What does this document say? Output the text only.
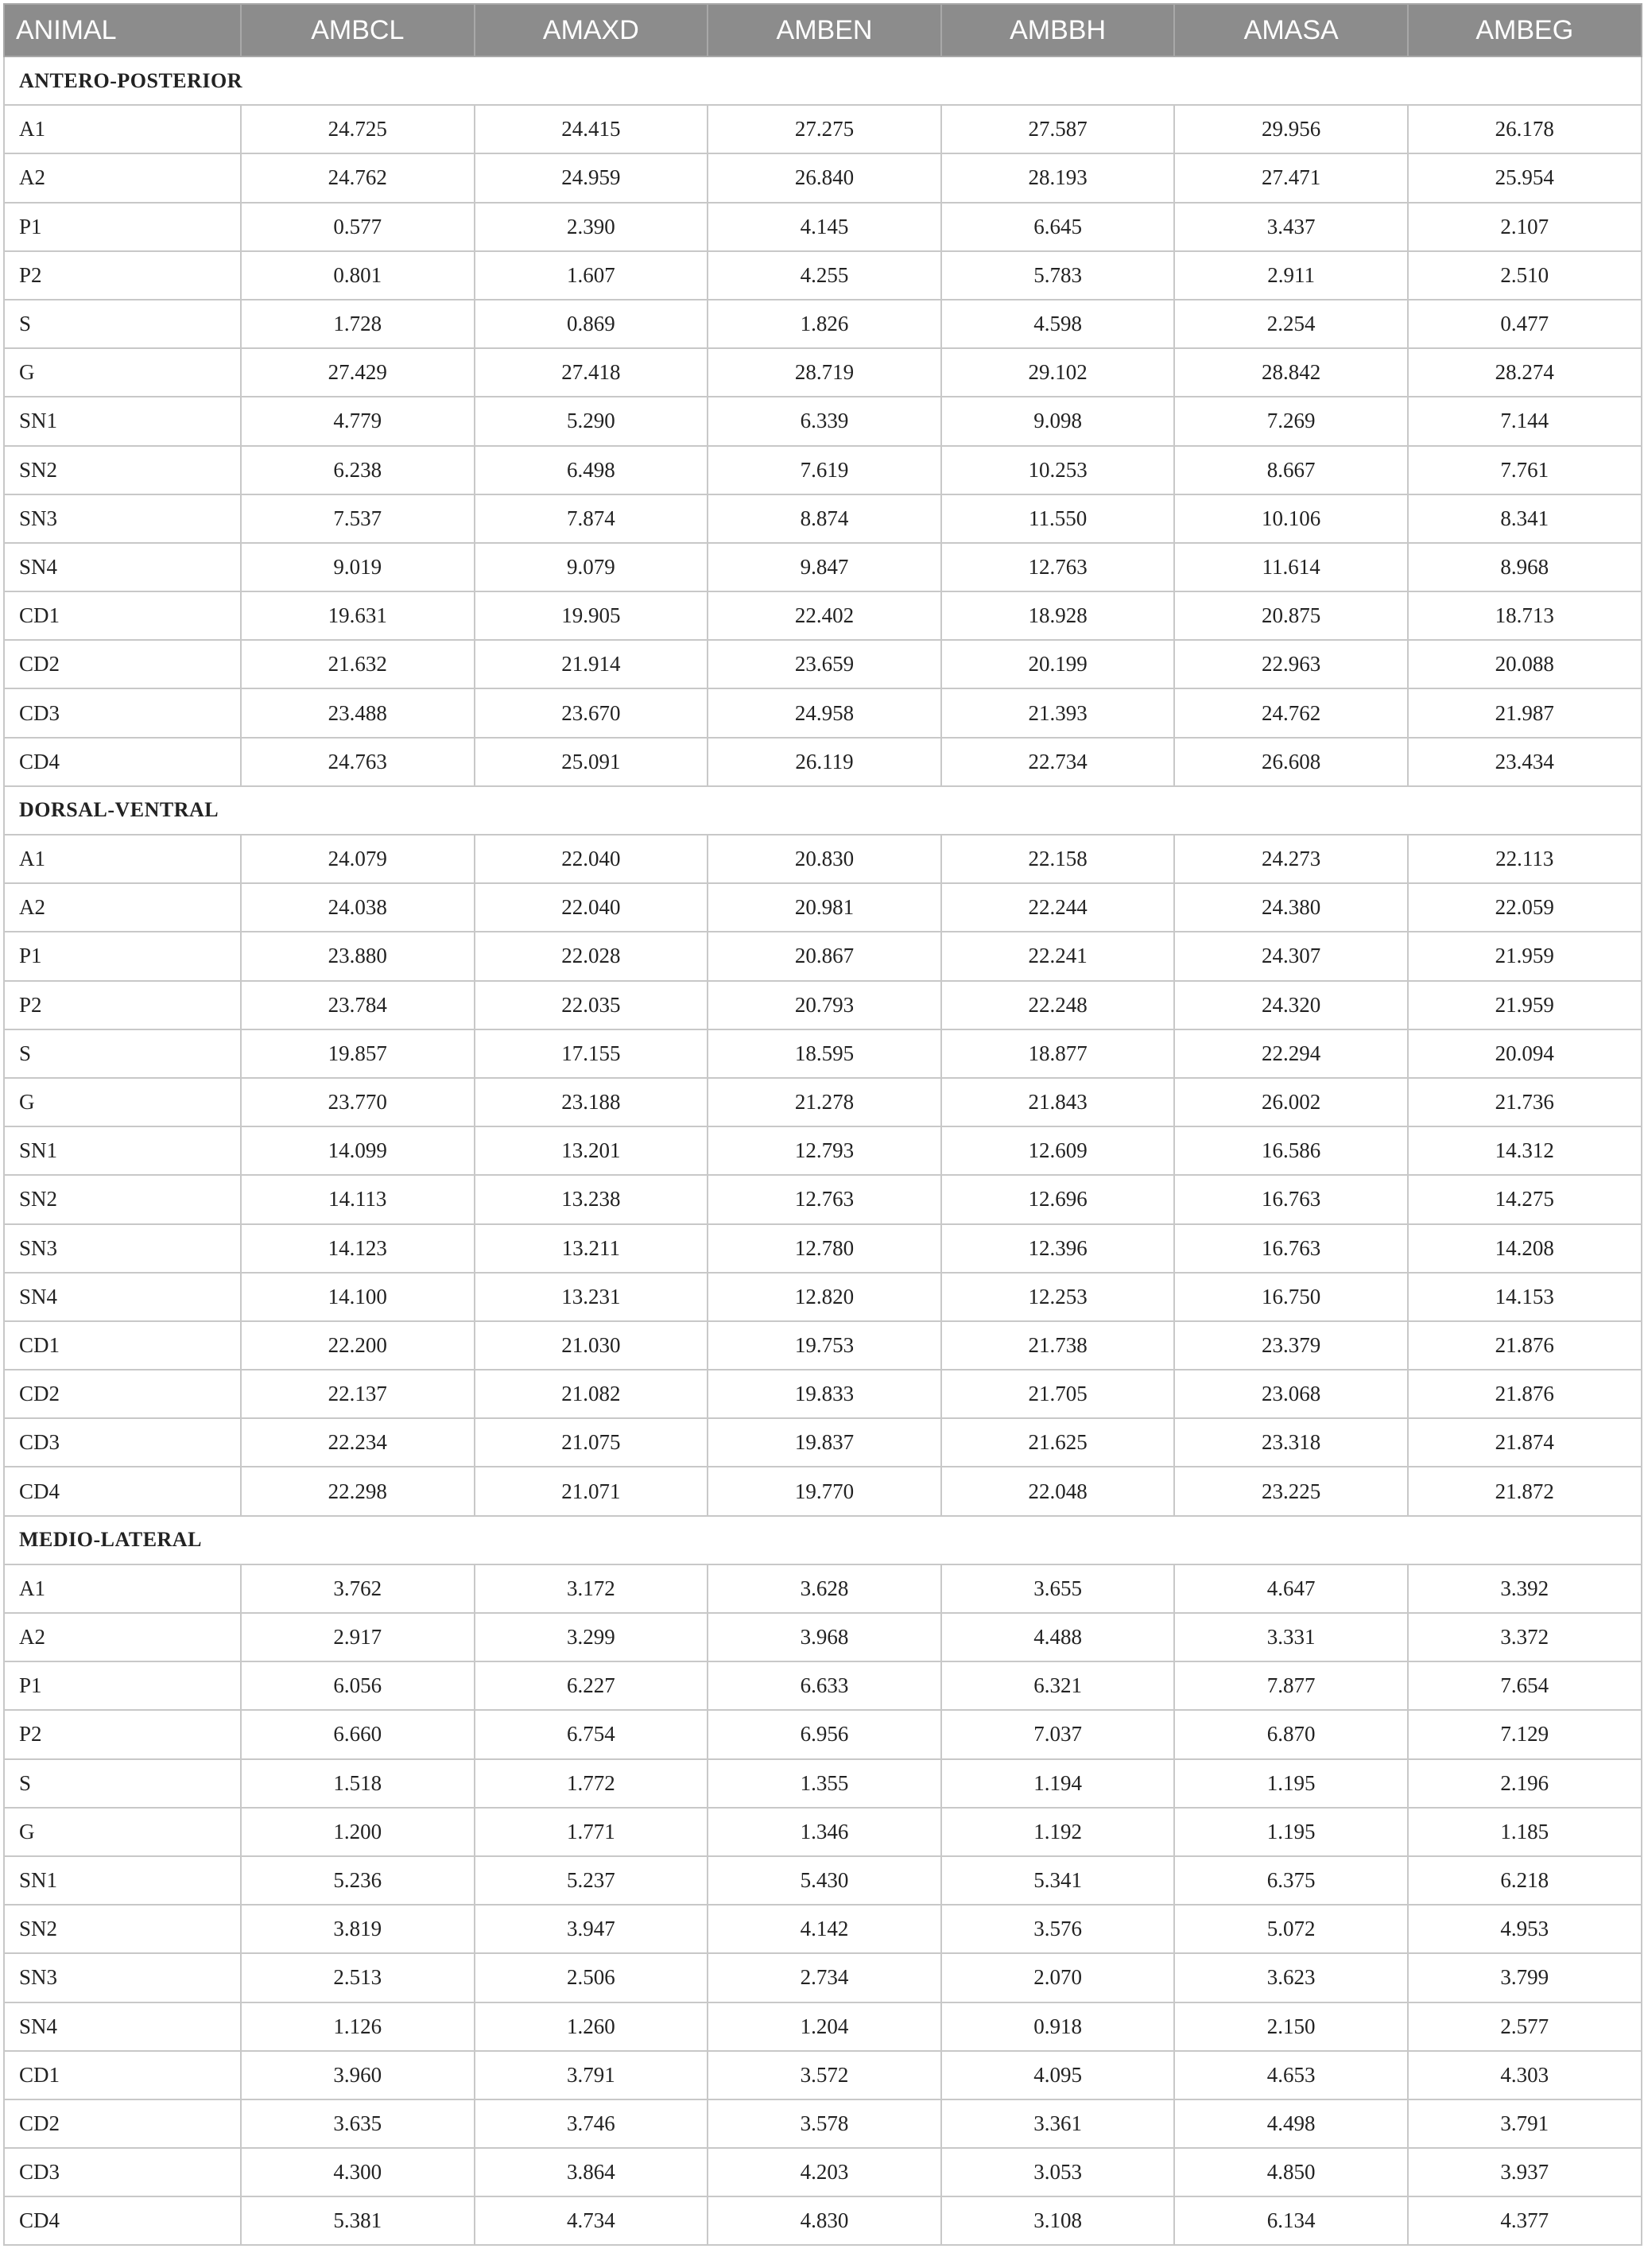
ANIMAL	AMBCL	AMAXD	AMBEN	AMBBH	AMASA	AMBEG
ANTERO-POSTERIOR						
A1	24.725	24.415	27.275	27.587	29.956	26.178
A2	24.762	24.959	26.840	28.193	27.471	25.954
P1	0.577	2.390	4.145	6.645	3.437	2.107
P2	0.801	1.607	4.255	5.783	2.911	2.510
S	1.728	0.869	1.826	4.598	2.254	0.477
G	27.429	27.418	28.719	29.102	28.842	28.274
SN1	4.779	5.290	6.339	9.098	7.269	7.144
SN2	6.238	6.498	7.619	10.253	8.667	7.761
SN3	7.537	7.874	8.874	11.550	10.106	8.341
SN4	9.019	9.079	9.847	12.763	11.614	8.968
CD1	19.631	19.905	22.402	18.928	20.875	18.713
CD2	21.632	21.914	23.659	20.199	22.963	20.088
CD3	23.488	23.670	24.958	21.393	24.762	21.987
CD4	24.763	25.091	26.119	22.734	26.608	23.434
DORSAL-VENTRAL						
A1	24.079	22.040	20.830	22.158	24.273	22.113
A2	24.038	22.040	20.981	22.244	24.380	22.059
P1	23.880	22.028	20.867	22.241	24.307	21.959
P2	23.784	22.035	20.793	22.248	24.320	21.959
S	19.857	17.155	18.595	18.877	22.294	20.094
G	23.770	23.188	21.278	21.843	26.002	21.736
SN1	14.099	13.201	12.793	12.609	16.586	14.312
SN2	14.113	13.238	12.763	12.696	16.763	14.275
SN3	14.123	13.211	12.780	12.396	16.763	14.208
SN4	14.100	13.231	12.820	12.253	16.750	14.153
CD1	22.200	21.030	19.753	21.738	23.379	21.876
CD2	22.137	21.082	19.833	21.705	23.068	21.876
CD3	22.234	21.075	19.837	21.625	23.318	21.874
CD4	22.298	21.071	19.770	22.048	23.225	21.872
MEDIO-LATERAL						
A1	3.762	3.172	3.628	3.655	4.647	3.392
A2	2.917	3.299	3.968	4.488	3.331	3.372
P1	6.056	6.227	6.633	6.321	7.877	7.654
P2	6.660	6.754	6.956	7.037	6.870	7.129
S	1.518	1.772	1.355	1.194	1.195	2.196
G	1.200	1.771	1.346	1.192	1.195	1.185
SN1	5.236	5.237	5.430	5.341	6.375	6.218
SN2	3.819	3.947	4.142	3.576	5.072	4.953
SN3	2.513	2.506	2.734	2.070	3.623	3.799
SN4	1.126	1.260	1.204	0.918	2.150	2.577
CD1	3.960	3.791	3.572	4.095	4.653	4.303
CD2	3.635	3.746	3.578	3.361	4.498	3.791
CD3	4.300	3.864	4.203	3.053	4.850	3.937
CD4	5.381	4.734	4.830	3.108	6.134	4.377
